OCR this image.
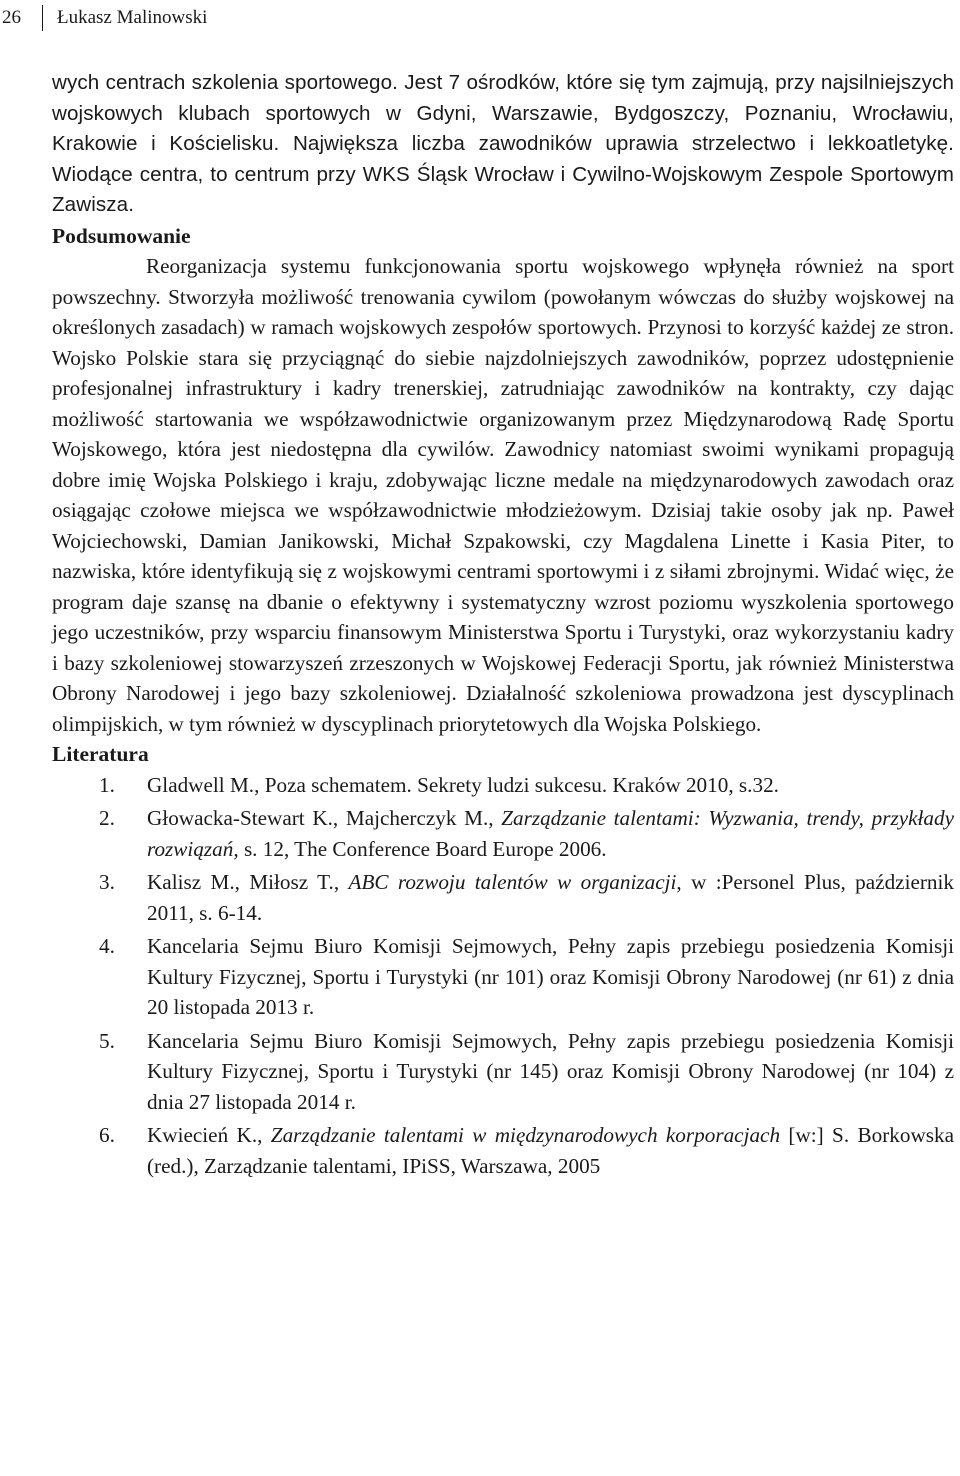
26	Łukasz Malinowski

wych centrach szkolenia sportowego. Jest 7 ośrodków, które się tym zajmują, przy najsilniejszych wojskowych klubach sportowych w Gdyni, Warszawie, Bydgoszczy, Poznaniu, Wrocławiu, Krakowie i Kościelisku. Największa liczba zawodników uprawia strzelectwo i lekkoatletykę. Wiodące centra, to centrum przy WKS Śląsk Wrocław i Cywilno-Wojskowym Zespole Sportowym Zawisza.

Podsumowanie

Reorganizacja systemu funkcjonowania sportu wojskowego wpłynęła również na sport powszechny. Stworzyła możliwość trenowania cywilom (powołanym wówczas do służby wojskowej na określonych zasadach) w ramach wojskowych zespołów sportowych. Przynosi to korzyść każdej ze stron. Wojsko Polskie stara się przyciągnąć do siebie najzdolniejszych zawodników, poprzez udostępnienie profesjonalnej infrastruktury i kadry trenerskiej, zatrudniając zawodników na kontrakty, czy dając możliwość startowania we współzawodnictwie organizowanym przez Międzynarodową Radę Sportu Wojskowego, która jest niedostępna dla cywilów. Zawodnicy natomiast swoimi wynikami propagują dobre imię Wojska Polskiego i kraju, zdobywając liczne medale na międzynarodowych zawodach oraz osiągając czołowe miejsca we współzawodnictwie młodzieżowym. Dzisiaj takie osoby jak np. Paweł Wojciechowski, Damian Janikowski, Michał Szpakowski, czy Magdalena Linette i Kasia Piter, to nazwiska, które identyfikują się z wojskowymi centrami sportowymi i z siłami zbrojnymi. Widać więc, że program daje szansę na dbanie o efektywny i systematyczny wzrost poziomu wyszkolenia sportowego jego uczestników, przy wsparciu finansowym Ministerstwa Sportu i Turystyki, oraz wykorzystaniu kadry i bazy szkoleniowej stowarzyszeń zrzeszonych w Wojskowej Federacji Sportu, jak również Ministerstwa Obrony Narodowej i jego bazy szkoleniowej. Działalność szkoleniowa prowadzona jest dyscyplinach olimpijskich, w tym również w dyscyplinach priorytetowych dla Wojska Polskiego.

Literatura
1. Gladwell M., Poza schematem. Sekrety ludzi sukcesu. Kraków 2010, s.32.
2. Głowacka-Stewart K., Majcherczyk M., Zarządzanie talentami: Wyzwania, trendy, przykłady rozwiązań, s. 12, The Conference Board Europe 2006.
3. Kalisz M., Miłosz T., ABC rozwoju talentów w organizacji, w :Personel Plus, październik 2011, s. 6-14.
4. Kancelaria Sejmu Biuro Komisji Sejmowych, Pełny zapis przebiegu posiedzenia Komisji Kultury Fizycznej, Sportu i Turystyki (nr 101) oraz Komisji Obrony Narodowej (nr 61) z dnia 20 listopada 2013 r.
5. Kancelaria Sejmu Biuro Komisji Sejmowych, Pełny zapis przebiegu posiedzenia Komisji Kultury Fizycznej, Sportu i Turystyki (nr 145) oraz Komisji Obrony Narodowej (nr 104) z dnia 27 listopada 2014 r.
6. Kwiecień K., Zarządzanie talentami w międzynarodowych korporacjach [w:] S. Borkowska (red.), Zarządzanie talentami, IPiSS, Warszawa, 2005
